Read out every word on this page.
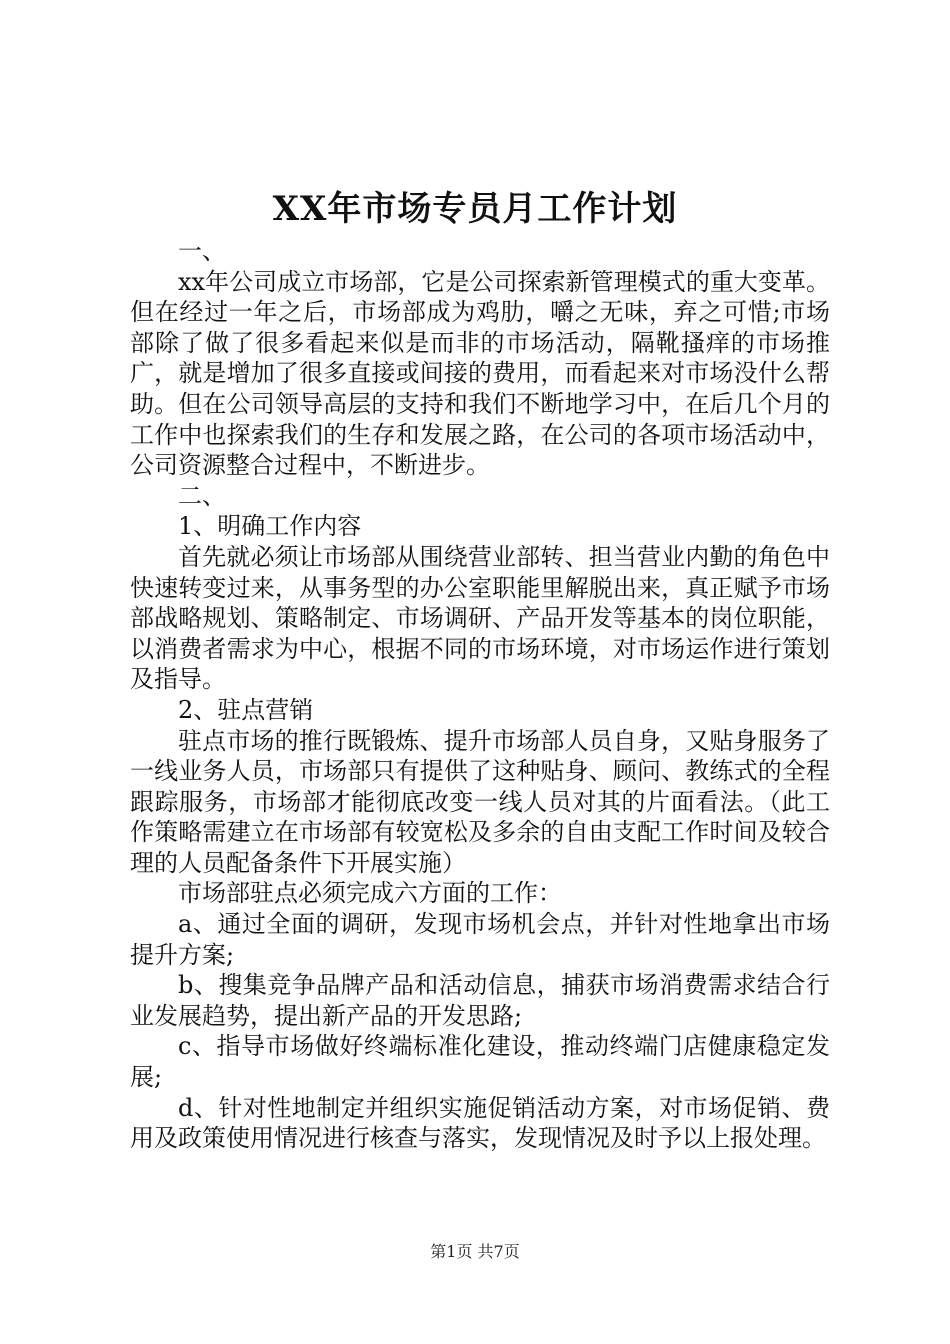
XX年市场专员月工作计划

一、

xx年公司成立市场部，它是公司探索新管理模式的重大变革。但在经过一年之后，市场部成为鸡肋，嚼之无味，弃之可惜;市场部除了做了很多看起来似是而非的市场活动，隔靴搔痒的市场推广，就是增加了很多直接或间接的费用，而看起来对市场没什么帮助。但在公司领导高层的支持和我们不断地学习中，在后几个月的工作中也探索我们的生存和发展之路，在公司的各项市场活动中，公司资源整合过程中，不断进步。

二、

1、明确工作内容

首先就必须让市场部从围绕营业部转、担当营业内勤的角色中快速转变过来，从事务型的办公室职能里解脱出来，真正赋予市场部战略规划、策略制定、市场调研、产品开发等基本的岗位职能，以消费者需求为中心，根据不同的市场环境，对市场运作进行策划及指导。

2、驻点营销

驻点市场的推行既锻炼、提升市场部人员自身，又贴身服务了一线业务人员，市场部只有提供了这种贴身、顾问、教练式的全程跟踪服务，市场部才能彻底改变一线人员对其的片面看法。（此工作策略需建立在市场部有较宽松及多余的自由支配工作时间及较合理的人员配备条件下开展实施）

市场部驻点必须完成六方面的工作：

a、通过全面的调研，发现市场机会点，并针对性地拿出市场提升方案;

b、搜集竞争品牌产品和活动信息，捕获市场消费需求结合行业发展趋势，提出新产品的开发思路;

c、指导市场做好终端标准化建设，推动终端门店健康稳定发展;

d、针对性地制定并组织实施促销活动方案，对市场促销、费用及政策使用情况进行核查与落实，发现情况及时予以上报处理。

第1页 共7页
